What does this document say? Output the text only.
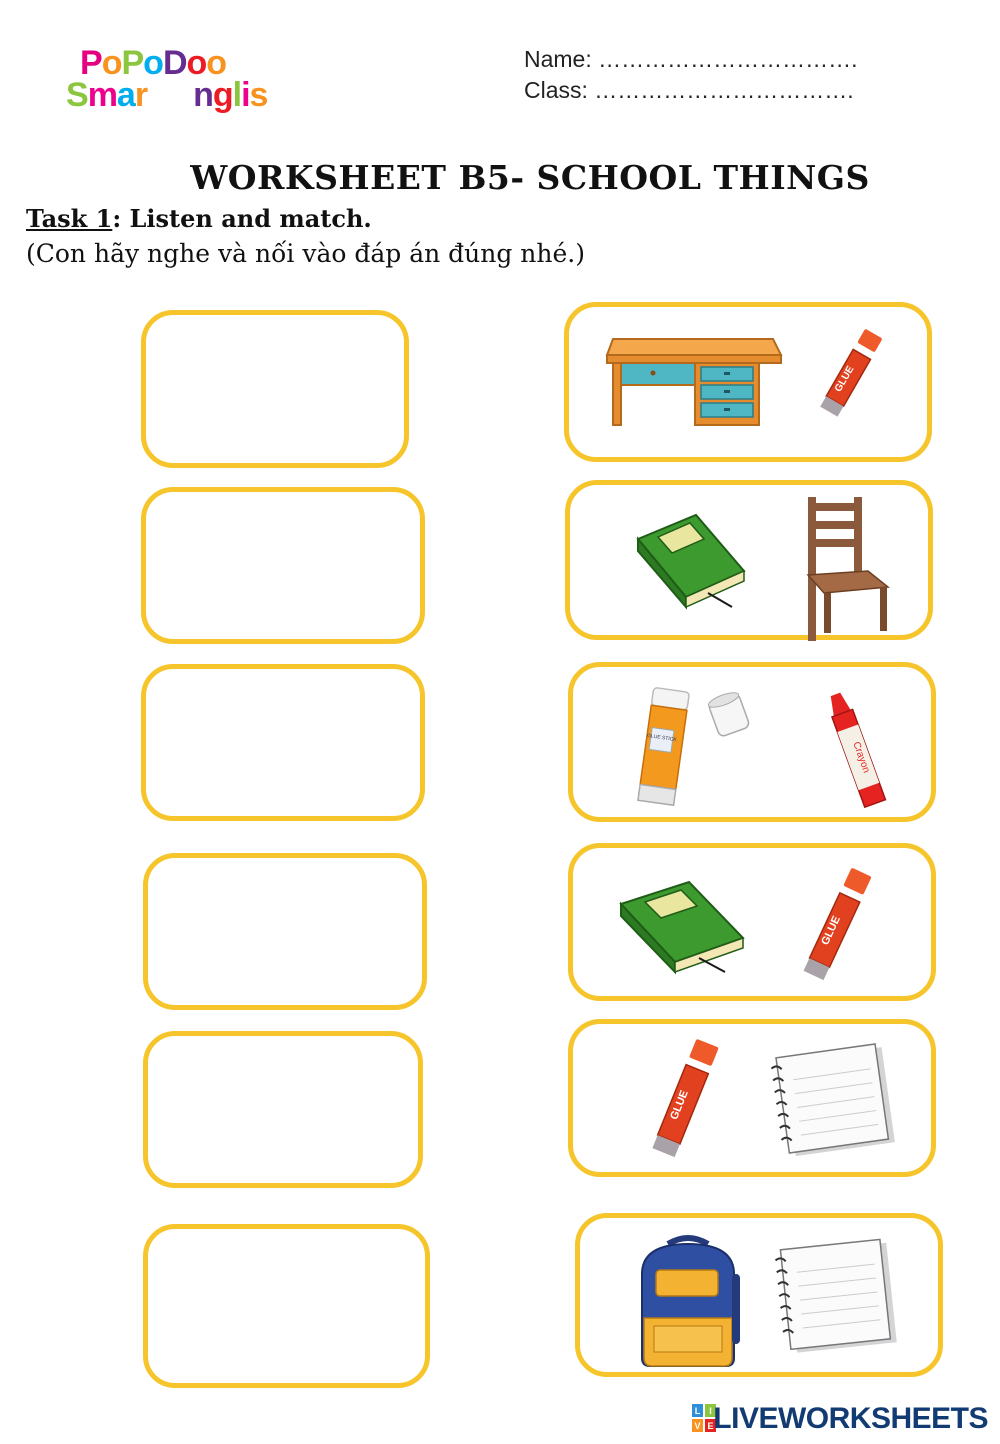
PoPoDoo
Smar nglis
Name: …………………………….
Class: …………………………….
WORKSHEET B5- SCHOOL THINGS
Task 1: Listen and match.
(Con hãy nghe và nối vào đáp án đúng nhé.)
GLUE
GLUE STICK
Crayon
GLUE
GLUE
L I
V E LIVEWORKSHEETS
